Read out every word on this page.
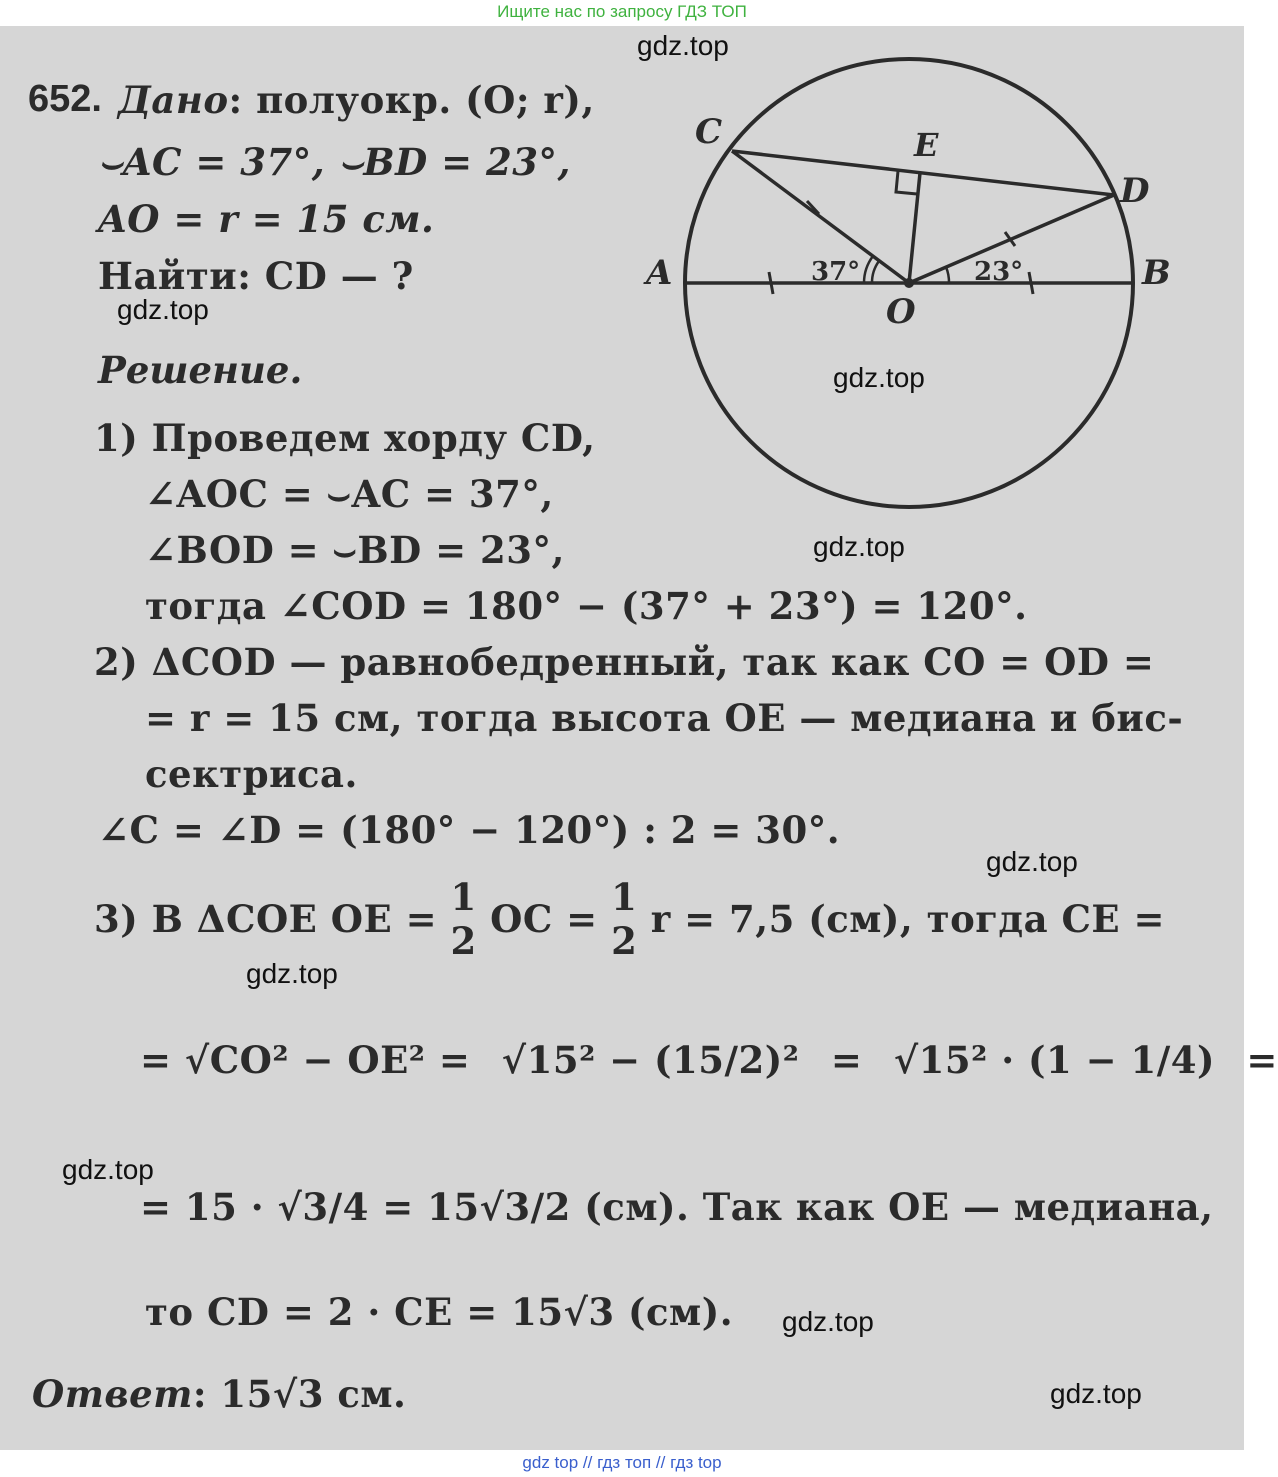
Ищите нас по запросу ГДЗ ТОП
652. Дано: полуокр. (O; r),
⌣AC = 37°, ⌣BD = 23°,
AO = r = 15 см.
Найти: CD — ?
Решение.
1) Проведем хорду CD,
∠AOC = ⌣AC = 37°,
∠BOD = ⌣BD = 23°,
тогда ∠COD = 180° − (37° + 23°) = 120°.
2) ΔCOD — равнобедренный, так как CO = OD =
= r = 15 см, тогда высота OE — медиана и бис-
сектриса.
∠C = ∠D = (180° − 120°) : 2 = 30°.
3) В ΔCOE OE = 1
2 OC = 1
2 r = 7,5 (см), тогда CE =
= √CO² − OE² = √15² − (15/2)² = √15² · (1 − 1/4) =
= 15 · √3/4 = 15√3/2 (см). Так как OE — медиана,
то CD = 2 · CE = 15√3 (см).
Ответ: 15√3 см.
C	E
D
A	B
O
37°	23°
gdz.top
gdz.top
gdz.top
gdz.top
gdz.top
gdz.top
gdz.top
gdz.top
gdz.top
gdz top // гдз топ // гдз top
